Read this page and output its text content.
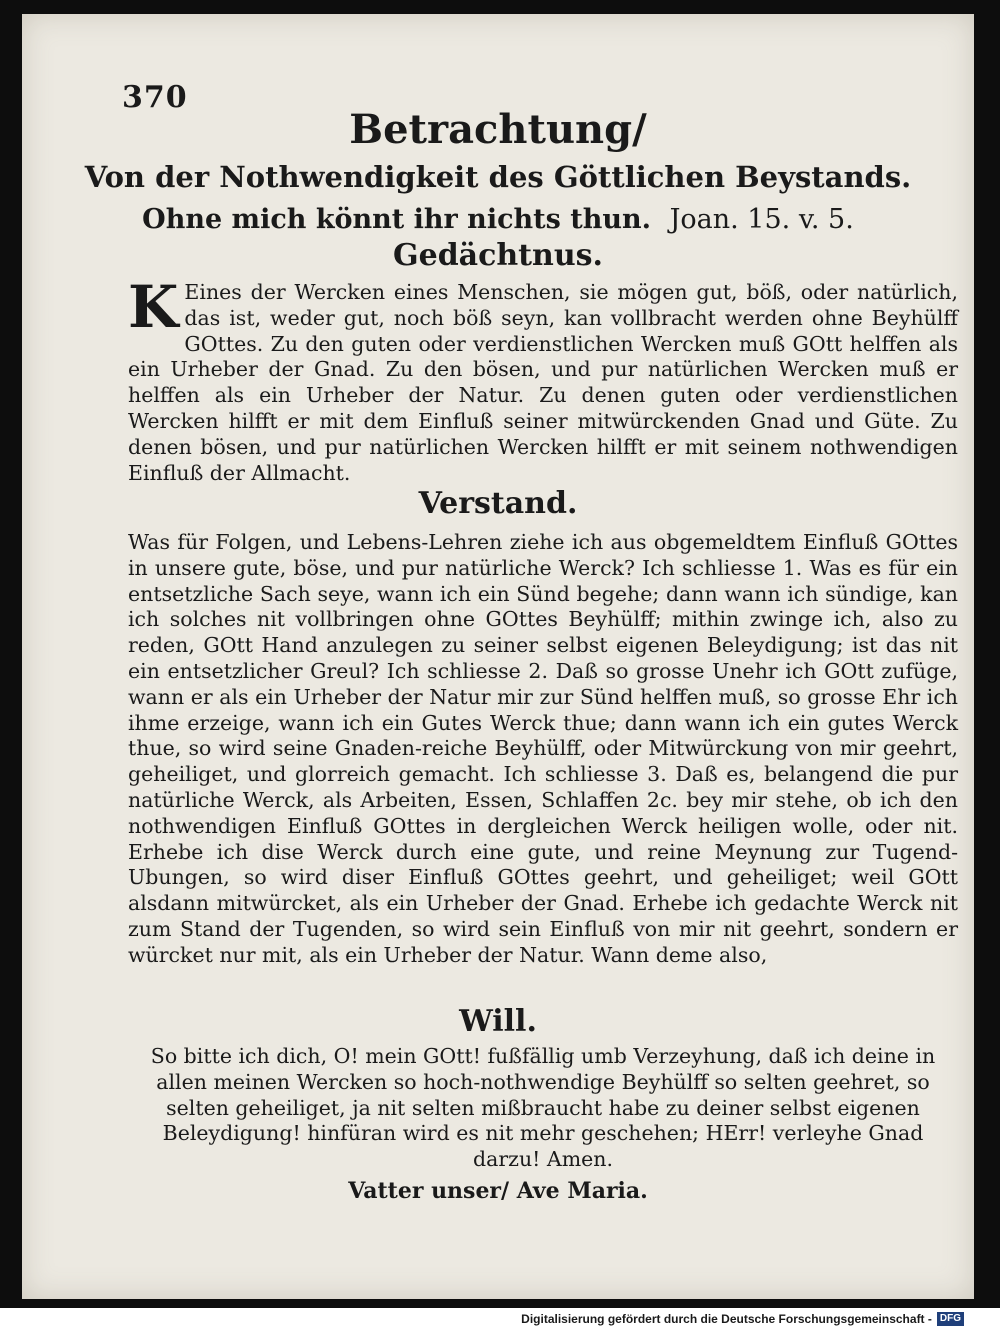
370
Betrachtung/
Von der Nothwendigkeit des Göttlichen Beystands.
Ohne mich könnt ihr nichts thun. Joan. 15. v. 5.
Gedächtnus.

K Eines der Wercken eines Menschen, sie mögen gut, böß, oder natürlich, das ist, weder gut, noch böß seyn, kan vollbracht werden ohne Beyhülff GOttes. Zu den guten oder verdienstlichen Wercken muß GOtt helffen als ein Urheber der Gnad. Zu den bösen, und pur natürlichen Wercken muß er helffen als ein Urheber der Natur. Zu denen guten oder verdienstlichen Wercken hilfft er mit dem Einfluß seiner mitwürckenden Gnad und Güte. Zu denen bösen, und pur natürlichen Wercken hilfft er mit seinem nothwendigen Einfluß der Allmacht.

Verstand.

Was für Folgen, und Lebens-Lehren ziehe ich aus obgemeldtem Einfluß GOttes in unsere gute, böse, und pur natürliche Werck? Ich schliesse 1. Was es für ein entsetzliche Sach seye, wann ich ein Sünd begehe; dann wann ich sündige, kan ich solches nit vollbringen ohne GOttes Beyhülff; mithin zwinge ich, also zu reden, GOtt Hand anzulegen zu seiner selbst eigenen Beleydigung; ist das nit ein entsetzlicher Greul? Ich schliesse 2. Daß so grosse Unehr ich GOtt zufüge, wann er als ein Urheber der Natur mir zur Sünd helffen muß, so grosse Ehr ich ihme erzeige, wann ich ein Gutes Werck thue; dann wann ich ein gutes Werck thue, so wird seine Gnaden-reiche Beyhülff, oder Mitwürckung von mir geehrt, geheiliget, und glorreich gemacht. Ich schliesse 3. Daß es, belangend die pur natürliche Werck, als Arbeiten, Essen, Schlaffen 2c. bey mir stehe, ob ich den nothwendigen Einfluß GOttes in dergleichen Werck heiligen wolle, oder nit. Erhebe ich dise Werck durch eine gute, und reine Meynung zur Tugend-Ubungen, so wird diser Einfluß GOttes geehrt, und geheiliget; weil GOtt alsdann mitwürcket, als ein Urheber der Gnad. Erhebe ich gedachte Werck nit zum Stand der Tugenden, so wird sein Einfluß von mir nit geehrt, sondern er würcket nur mit, als ein Urheber der Natur. Wann deme also,

Will.

So bitte ich dich, O! mein GOtt! fußfällig umb Verzeyhung, daß ich deine in allen meinen Wercken so hoch-nothwendige Beyhülff so selten geehret, so selten geheiliget, ja nit selten mißbraucht habe zu deiner selbst eigenen Beleydigung! hinfüran wird es nit mehr geschehen; HErr! verleyhe Gnad darzu! Amen.

Vatter unser/ Ave Maria.
Digitalisierung gefördert durch die Deutsche Forschungsgemeinschaft - DFG
